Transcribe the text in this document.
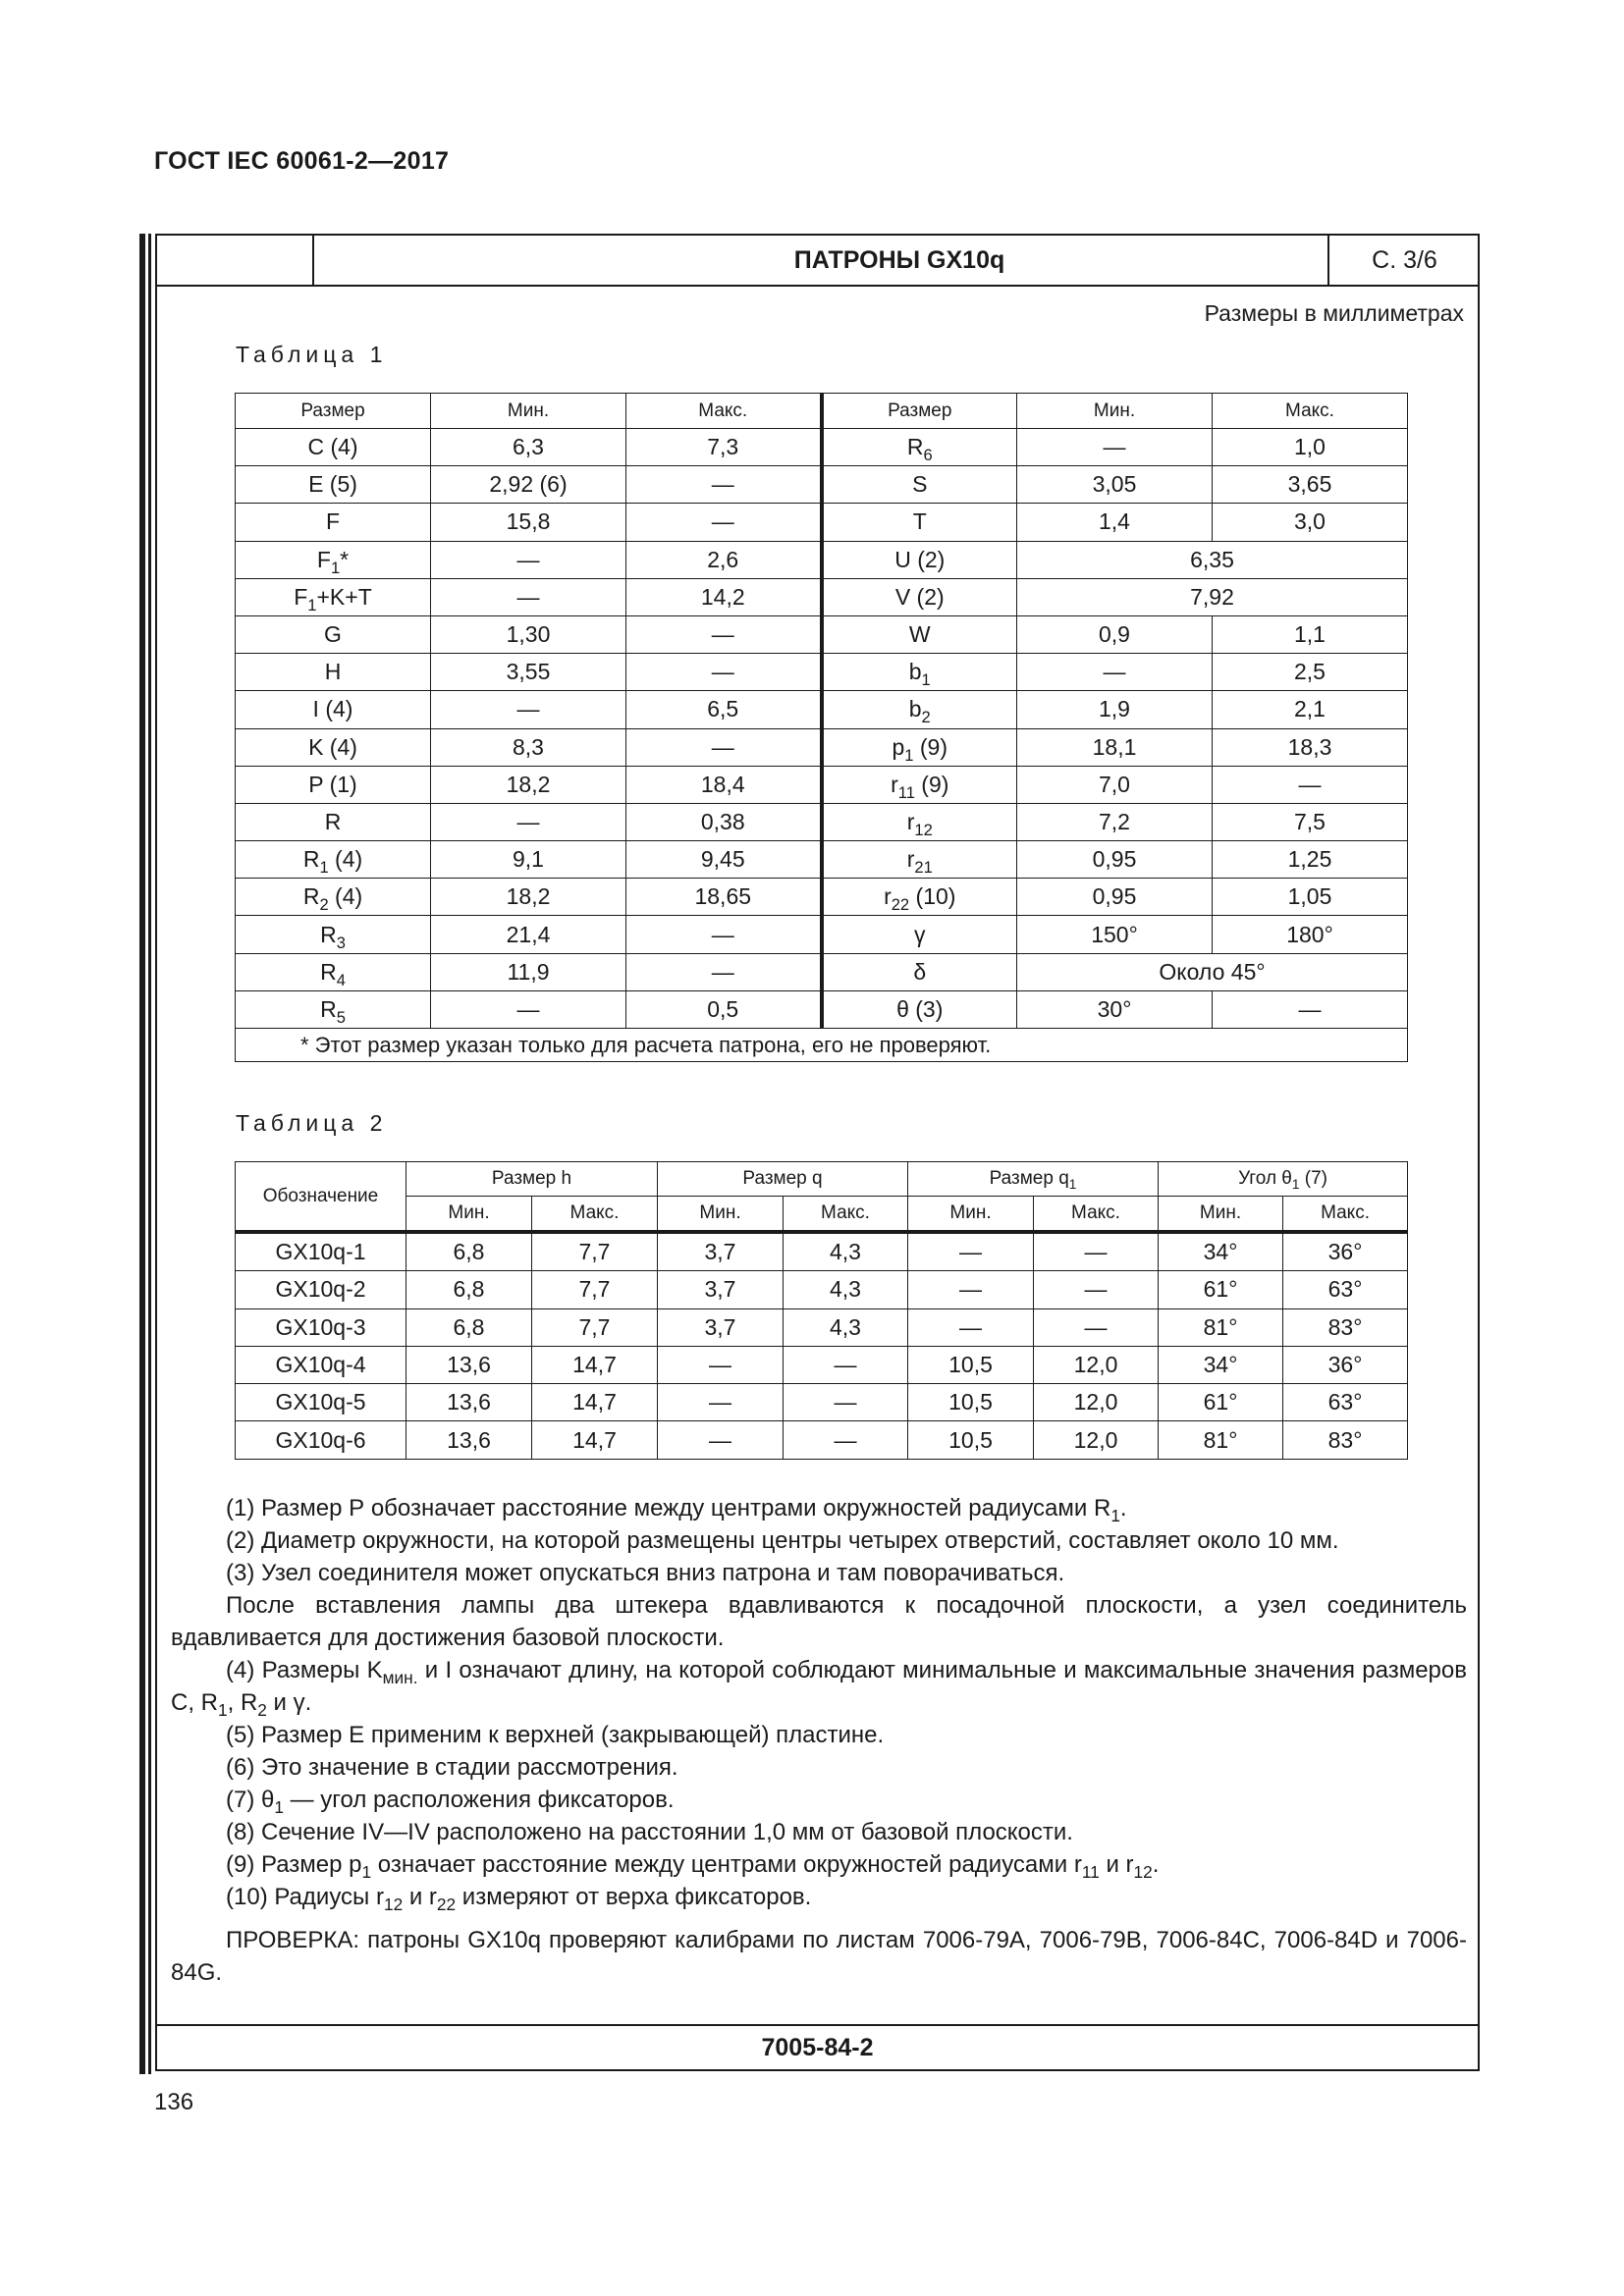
ГОСТ IEC 60061-2—2017
ПАТРОНЫ GX10q	С. 3/6
Размеры в миллиметрах
7005-84-2
Таблица 1
Размер	Мин.	Макс.	Размер	Мин.	Макс.
C (4)	6,3	7,3	$R_6$	—	1,0
E (5)	2,92 (6)	—	S	3,05	3,65
F	15,8	—	T	1,4	3,0
$F_1*$	—	2,6	U (2)	6,35	
$F_1+K+T$	—	14,2	V (2)	7,92	
G	1,30	—	W	0,9	1,1
H	3,55	—	$b_1$	—	2,5
I (4)	—	6,5	$b_2$	1,9	2,1
K (4)	8,3	—	$p_1$ (9)	18,1	18,3
P (1)	18,2	18,4	$r_{11}$ (9)	7,0	—
R	—	0,38	$r_{12}$	7,2	7,5
$R_1$ (4)	9,1	9,45	$r_{21}$	0,95	1,25
$R_2$ (4)	18,2	18,65	$r_{22}$ (10)	0,95	1,05
$R_3$	21,4	—	γ	150°	180°
$R_4$	11,9	—	δ	Около 45°	
$R_5$	—	0,5	θ (3)	30°	—
* Этот размер указан только для расчета патрона, его не проверяют.					
Таблица 2
Обозначение	Размер h		Размер q		Размер $q_1$		Угол $\theta_1$ (7)	
	Мин.	Макс.	Мин.	Макс.	Мин.	Макс.	Мин.	Макс.
GX10q-1	6,8	7,7	3,7	4,3	—	—	34°	36°
GX10q-2	6,8	7,7	3,7	4,3	—	—	61°	63°
GX10q-3	6,8	7,7	3,7	4,3	—	—	81°	83°
GX10q-4	13,6	14,7	—	—	10,5	12,0	34°	36°
GX10q-5	13,6	14,7	—	—	10,5	12,0	61°	63°
GX10q-6	13,6	14,7	—	—	10,5	12,0	81°	83°

(1) Размер Р обозначает расстояние между центрами окружностей радиусами $R_1$.

(2) Диаметр окружности, на которой размещены центры четырех отверстий, составляет около 10 мм.

(3) Узел соединителя может опускаться вниз патрона и там поворачиваться.

После вставления лампы два штекера вдавливаются к посадочной плоскости, а узел соединитель вдавливается для достижения базовой плоскости.

(4) Размеры $K_{мин.}$ и I означают длину, на которой соблюдают минимальные и максимальные значения размеров C, $R_1$, $R_2$ и γ.

(5) Размер Е применим к верхней (закрывающей) пластине.

(6) Это значение в стадии рассмотрения.

(7) $\theta_1$ — угол расположения фиксаторов.

(8) Сечение IV—IV расположено на расстоянии 1,0 мм от базовой плоскости.

(9) Размер $p_1$ означает расстояние между центрами окружностей радиусами $r_{11}$ и $r_{12}$.

(10) Радиусы $r_{12}$ и $r_{22}$ измеряют от верха фиксаторов.

ПРОВЕРКА: патроны GX10q проверяют калибрами по листам 7006-79A, 7006-79B, 7006-84C, 7006-84D и 7006-84G.

136
